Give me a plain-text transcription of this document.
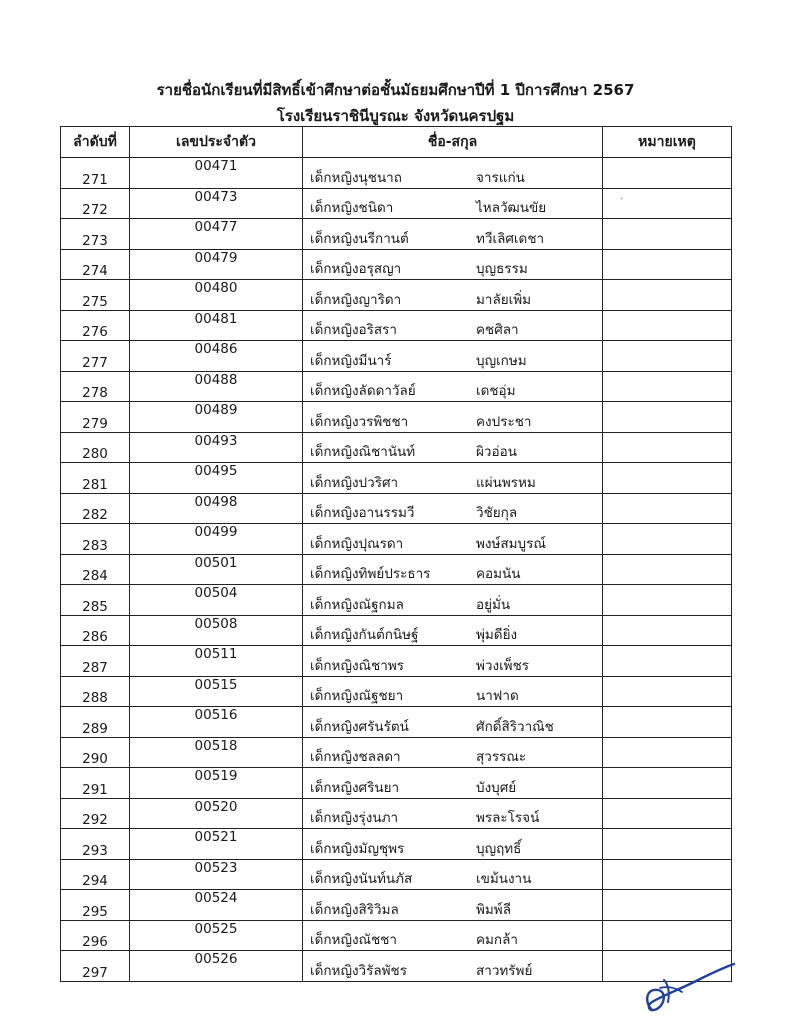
รายชื่อนักเรียนที่มีสิทธิ์เข้าศึกษาต่อชั้นมัธยมศึกษาปีที่ 1 ปีการศึกษา 2567
โรงเรียนราชินีบูรณะ จังหวัดนครปฐม
·
ลำดับที่	เลขประจำตัว	ชื่อ-สกุล	หมายเหตุ
271	00471	เด็กหญิงนุชนาถ จารแก่น	
272	00473	เด็กหญิงชนิดา ไหลวัฒนขัย	
273	00477	เด็กหญิงนรีกานต์ ทวีเลิศเดชา	
274	00479	เด็กหญิงอรุสญา บุญธรรม	
275	00480	เด็กหญิงญาริดา มาลัยเพิ่ม	
276	00481	เด็กหญิงอริสรา คชศิลา	
277	00486	เด็กหญิงมีนาร์ บุญเกษม	
278	00488	เด็กหญิงลัดดาวัลย์ เดชอุ่ม	
279	00489	เด็กหญิงวรพิชชา คงประชา	
280	00493	เด็กหญิงณิชานันท์ ผิวอ่อน	
281	00495	เด็กหญิงปวริศา แผ่นพรหม	
282	00498	เด็กหญิงอานรรมวี วิชัยกุล	
283	00499	เด็กหญิงปุณรดา พงษ์สมบูรณ์	
284	00501	เด็กหญิงทิพย์ประธาร คอมนัน	
285	00504	เด็กหญิงณัฐกมล อยู่มั่น	
286	00508	เด็กหญิงกันต์กนิษฐ์ พุ่มดียิ่ง	
287	00511	เด็กหญิงณิชาพร พ่วงเพ็ชร	
288	00515	เด็กหญิงณัฐชยา นาฟาด	
289	00516	เด็กหญิงศรันรัตน์ ศักดิ์สิริวาณิช	
290	00518	เด็กหญิงชลลดา สุวรรณะ	
291	00519	เด็กหญิงศรินยา บังบุศย์	
292	00520	เด็กหญิงรุ่งนภา พรละโรจน์	
293	00521	เด็กหญิงมัญชุพร บุญฤทธิ์	
294	00523	เด็กหญิงนันท์นภัส เขม้นงาน	
295	00524	เด็กหญิงสิริวิมล พิมพ์ลี	
296	00525	เด็กหญิงณัชชา คมกล้า	
297	00526	เด็กหญิงวิรัลพัชร สาวทรัพย์	
